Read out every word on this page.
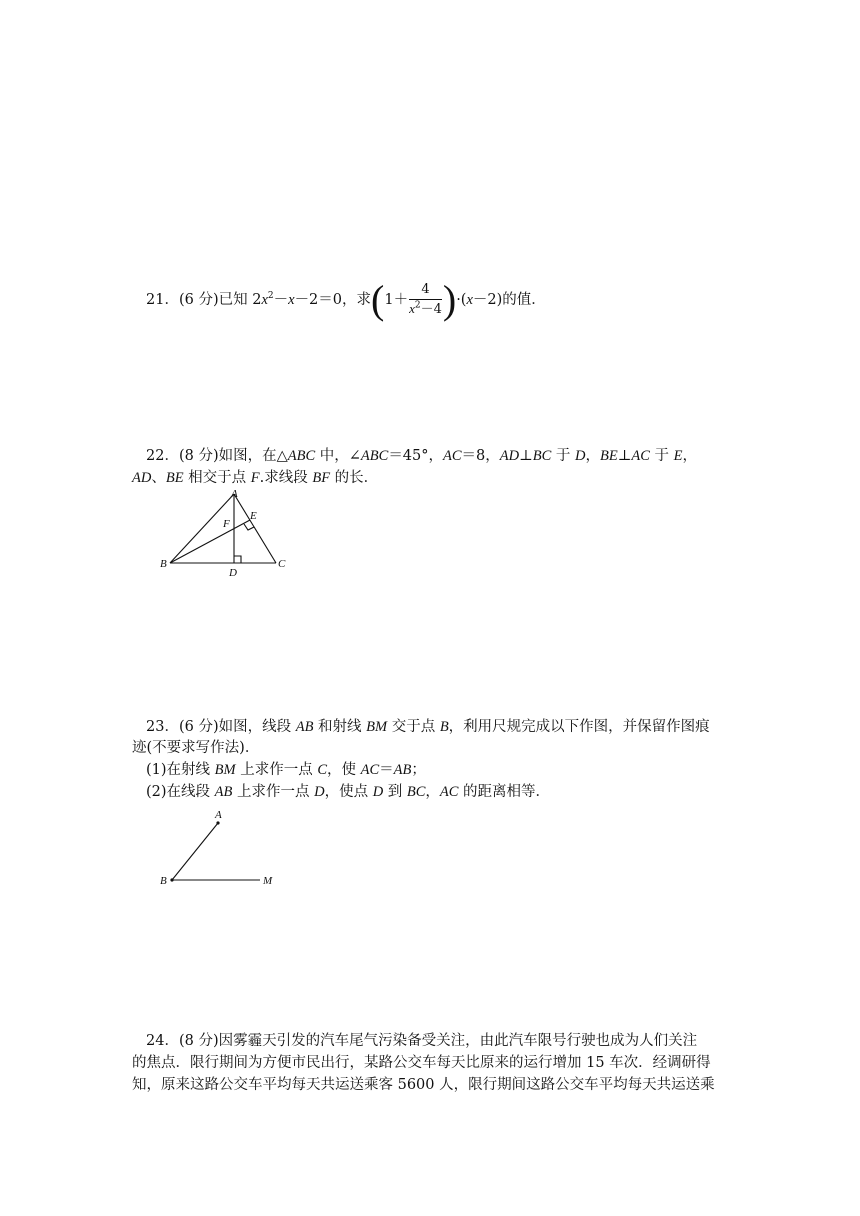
21．(6 分)已知 $2x^2-x-2=0$，求$(1+ \frac{4}{x^2-4} )\cdot(x-2)$的值．
22．(8 分)如图，在△ABC 中，∠ABC＝45°，AC＝8，AD⊥BC 于 D，BE⊥AC 于 E，
AD、BE 相交于点 F.求线段 BF 的长．
A
B	C
D
E
F
23．(6 分)如图，线段 AB 和射线 BM 交于点 B，利用尺规完成以下作图，并保留作图痕
迹(不要求写作法)．
(1)在射线 BM 上求作一点 C，使 AC＝AB；
(2)在线段 AB 上求作一点 D，使点 D 到 BC，AC 的距离相等．
A
B	M
24．(8 分)因雾霾天引发的汽车尾气污染备受关注，由此汽车限号行驶也成为人们关注
的焦点．限行期间为方便市民出行，某路公交车每天比原来的运行增加 15 车次．经调研得
知，原来这路公交车平均每天共运送乘客 5600 人，限行期间这路公交车平均每天共运送乘
